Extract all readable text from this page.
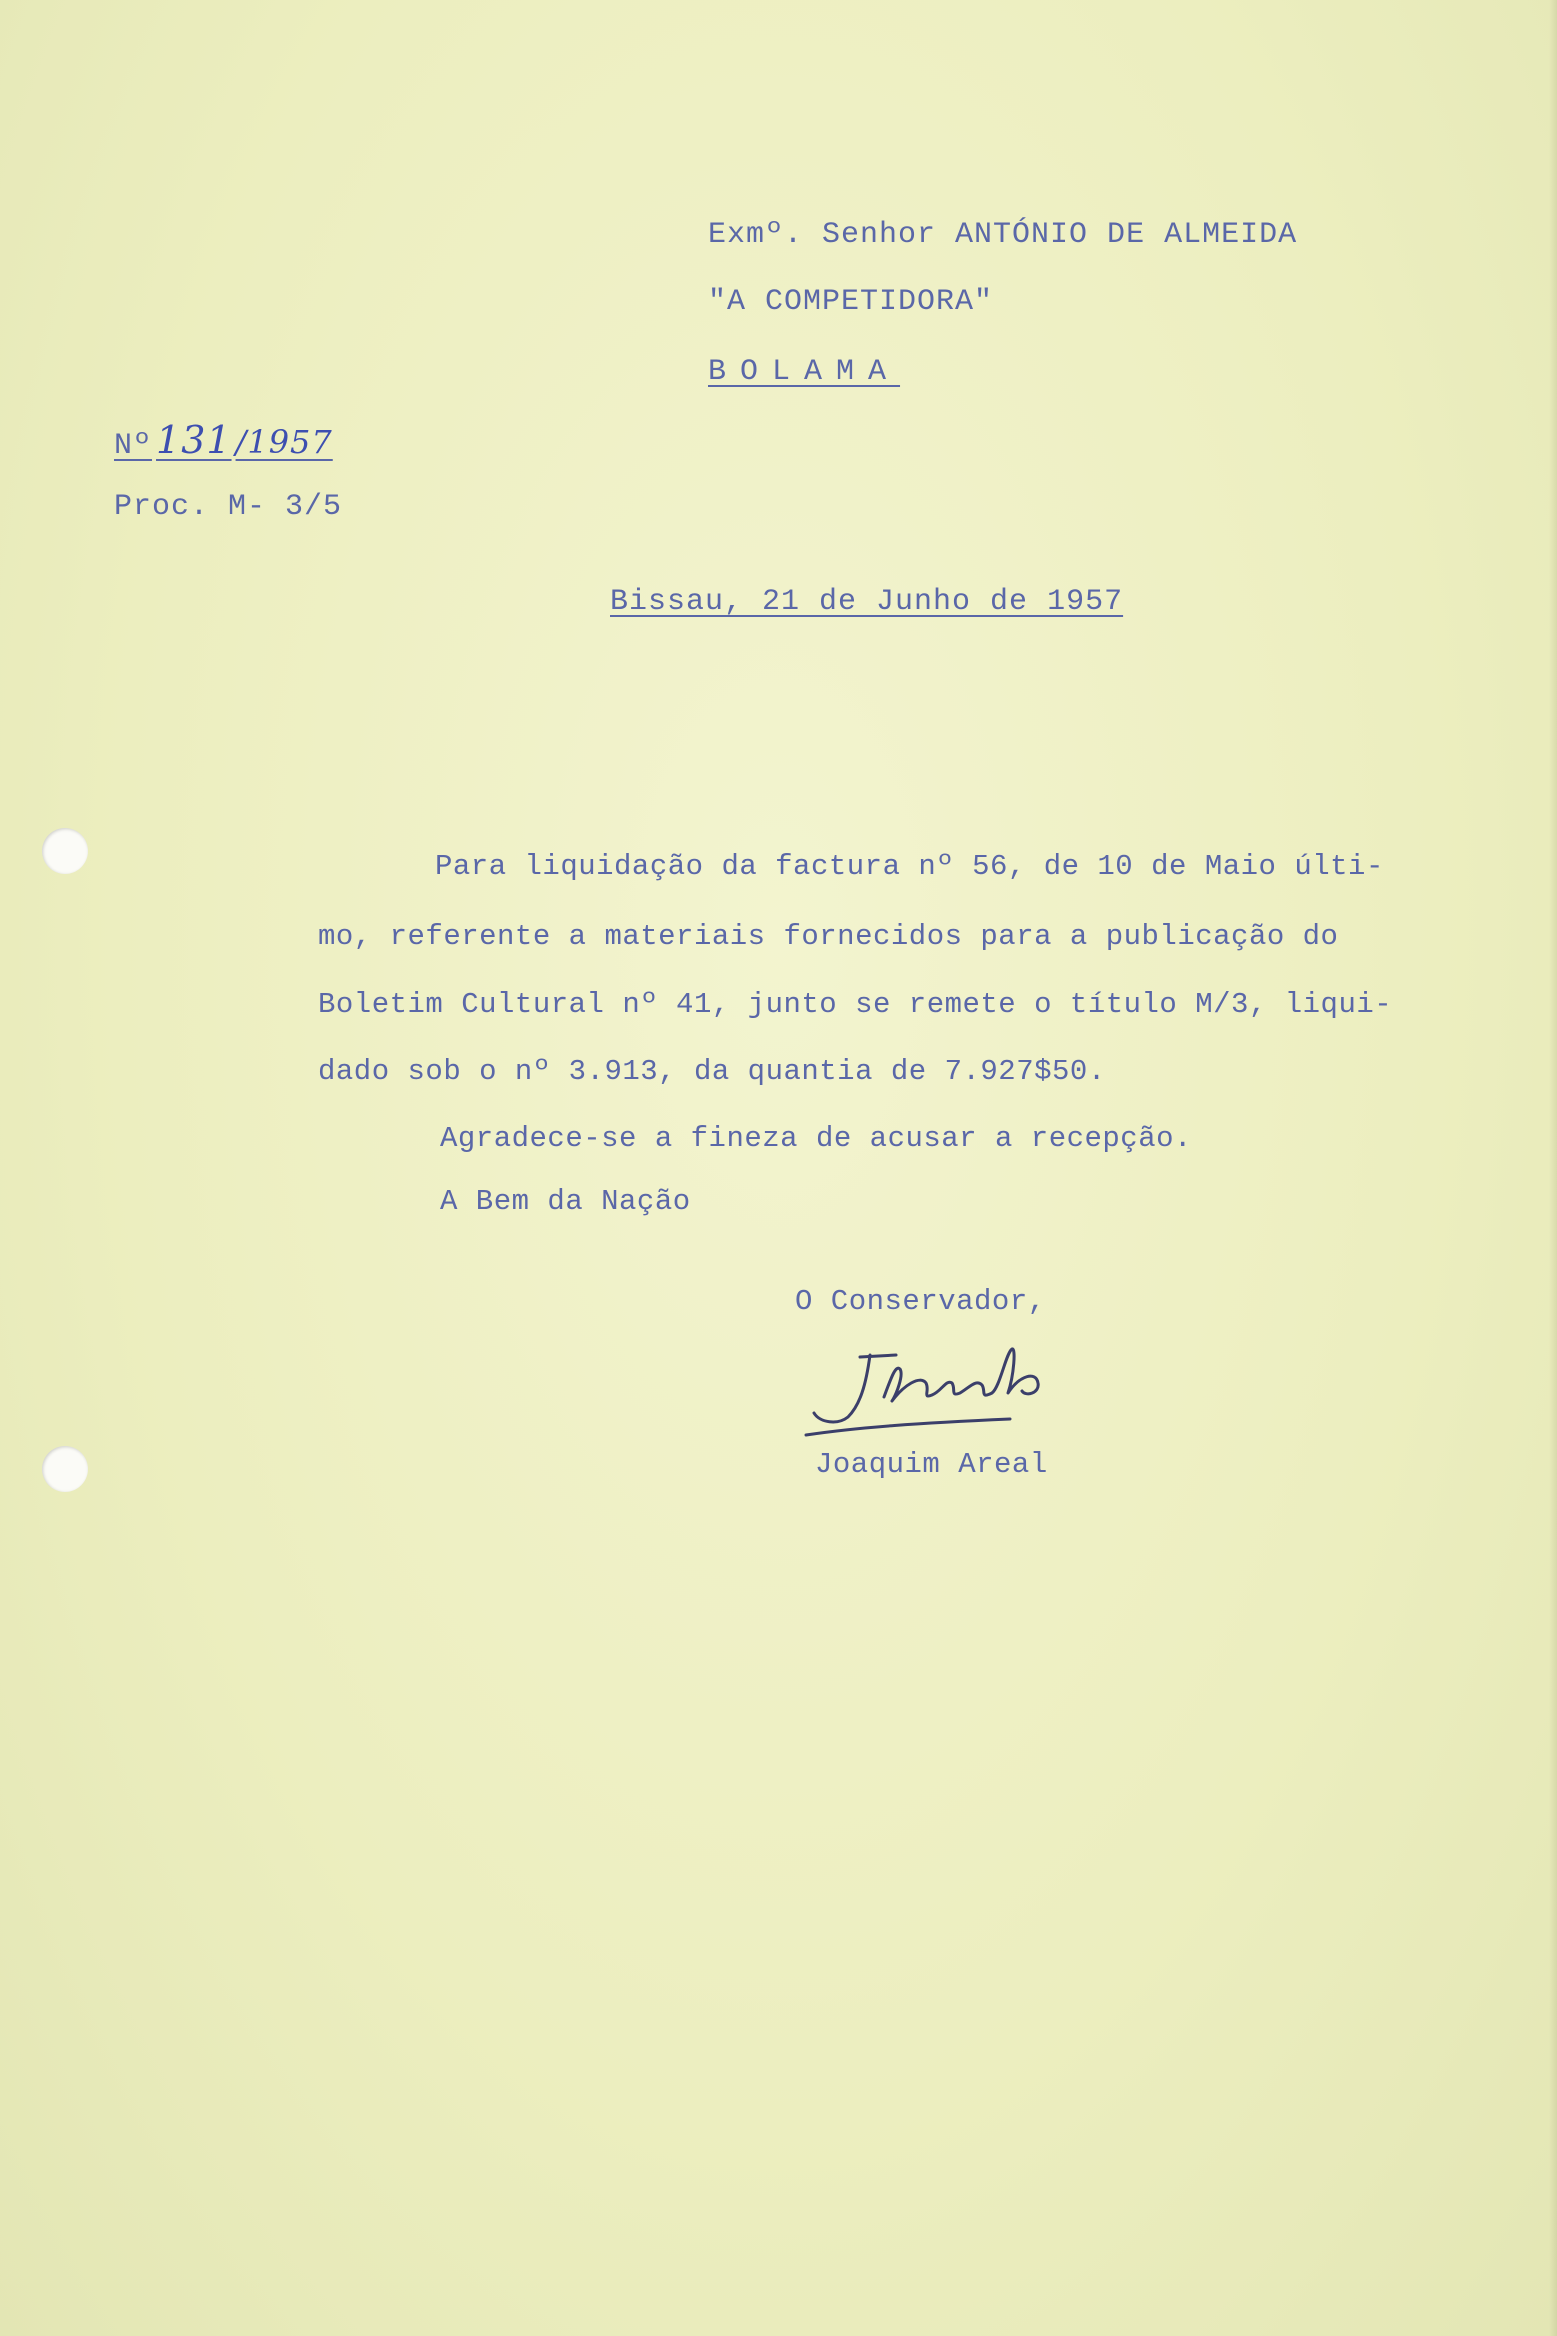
Exmº. Senhor ANTÓNIO DE ALMEIDA
"A COMPETIDORA"
BOLAMA
Nº 131 /1957
Proc. M- 3/5
Bissau, 21 de Junho de 1957
Para liquidação da factura nº 56, de 10 de Maio últi-
mo, referente a materiais fornecidos para a publicação do
Boletim Cultural nº 41, junto se remete o título M/3, liqui-
dado sob o nº 3.913, da quantia de 7.927$50.
Agradece-se a fineza de acusar a recepção.
A Bem da Nação
O Conservador,
Joaquim Areal
